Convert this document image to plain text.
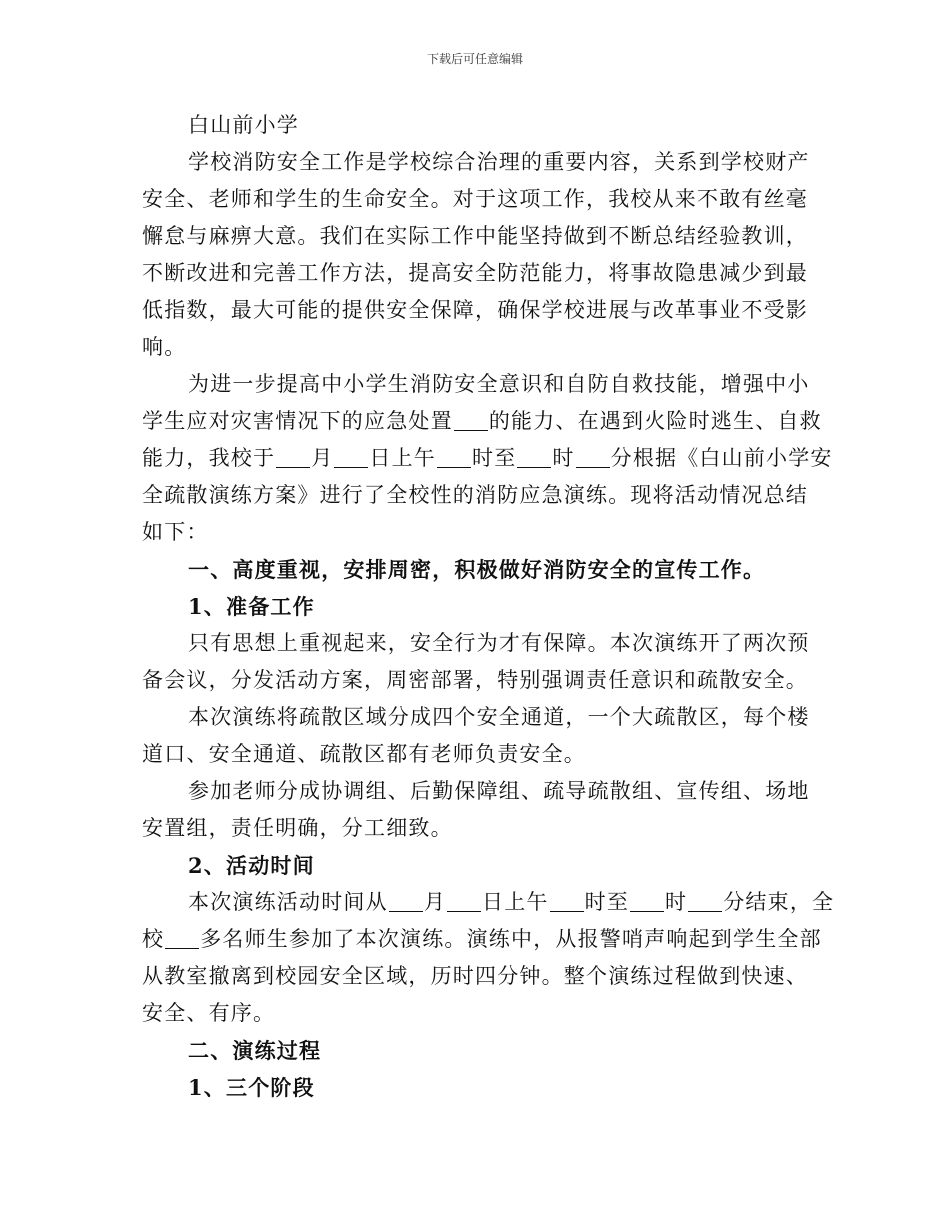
下载后可任意编辑
白山前小学
学校消防安全工作是学校综合治理的重要内容，关系到学校财产
安全、老师和学生的生命安全。对于这项工作，我校从来不敢有丝毫
懈怠与麻痹大意。我们在实际工作中能坚持做到不断总结经验教训，
不断改进和完善工作方法，提高安全防范能力，将事故隐患减少到最
低指数，最大可能的提供安全保障，确保学校进展与改革事业不受影
响。
为进一步提高中小学生消防安全意识和自防自救技能，增强中小
学生应对灾害情况下的应急处置 的能力、在遇到火险时逃生、自救
能力，我校于 月 日上午 时至 时 分根据《白山前小学安
全疏散演练方案》进行了全校性的消防应急演练。现将活动情况总结
如下：
一、高度重视，安排周密，积极做好消防安全的宣传工作。
1、准备工作
只有思想上重视起来，安全行为才有保障。本次演练开了两次预
备会议，分发活动方案，周密部署，特别强调责任意识和疏散安全。
本次演练将疏散区域分成四个安全通道，一个大疏散区，每个楼
道口、安全通道、疏散区都有老师负责安全。
参加老师分成协调组、后勤保障组、疏导疏散组、宣传组、场地
安置组，责任明确，分工细致。
2、活动时间
本次演练活动时间从 月 日上午 时至 时 分结束，全
校 多名师生参加了本次演练。演练中，从报警哨声响起到学生全部
从教室撤离到校园安全区域，历时四分钟。整个演练过程做到快速、
安全、有序。
二、演练过程
1、三个阶段
